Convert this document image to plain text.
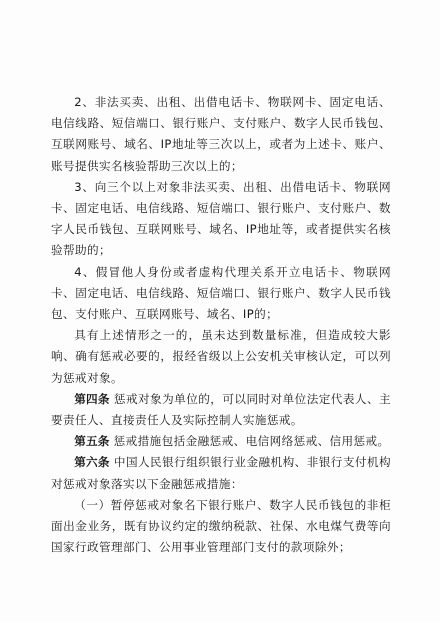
2、非法买卖、出租、出借电话卡、物联网卡、固定电话、电信线路、短信端口、银行账户、支付账户、数字人民币钱包、互联网账号、域名、IP地址等三次以上，或者为上述卡、账户、账号提供实名核验帮助三次以上的；

3、向三个以上对象非法买卖、出租、出借电话卡、物联网卡、固定电话、电信线路、短信端口、银行账户、支付账户、数字人民币钱包、互联网账号、域名、IP地址等，或者提供实名核验帮助的；

4、假冒他人身份或者虚构代理关系开立电话卡、物联网卡、固定电话、电信线路、短信端口、银行账户、数字人民币钱包、支付账户、互联网账号、域名、IP的；

具有上述情形之一的，虽未达到数量标准，但造成较大影响、确有惩戒必要的，报经省级以上公安机关审核认定，可以列为惩戒对象。

第四条 惩戒对象为单位的，可以同时对单位法定代表人、主要责任人、直接责任人及实际控制人实施惩戒。

第五条 惩戒措施包括金融惩戒、电信网络惩戒、信用惩戒。

第六条 中国人民银行组织银行业金融机构、非银行支付机构对惩戒对象落实以下金融惩戒措施：

（一）暂停惩戒对象名下银行账户、数字人民币钱包的非柜面出金业务，既有协议约定的缴纳税款、社保、水电煤气费等向国家行政管理部门、公用事业管理部门支付的款项除外；
